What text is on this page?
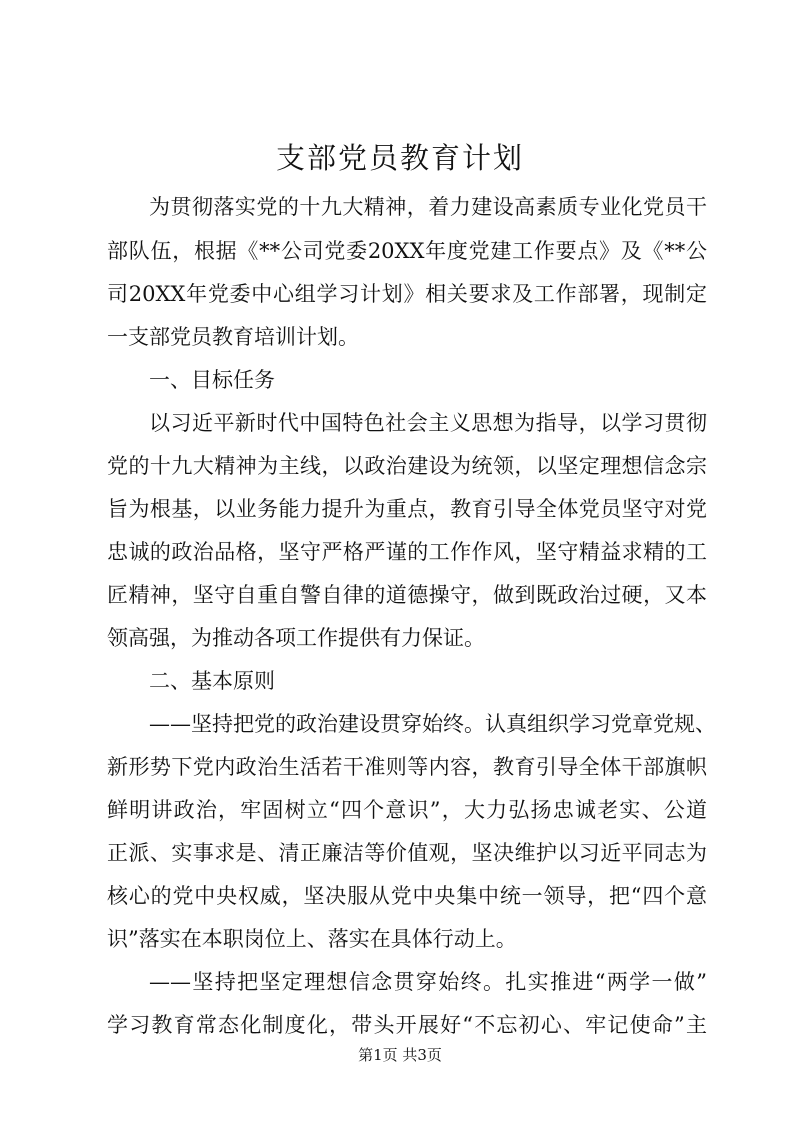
支部党员教育计划
为贯彻落实党的十九大精神，着力建设高素质专业化党员干
部队伍，根据《**公司党委20XX年度党建工作要点》及《**公
司20XX年党委中心组学习计划》相关要求及工作部署，现制定
一支部党员教育培训计划。
一、目标任务
以习近平新时代中国特色社会主义思想为指导，以学习贯彻
党的十九大精神为主线，以政治建设为统领，以坚定理想信念宗
旨为根基，以业务能力提升为重点，教育引导全体党员坚守对党
忠诚的政治品格，坚守严格严谨的工作作风，坚守精益求精的工
匠精神，坚守自重自警自律的道德操守，做到既政治过硬，又本
领高强，为推动各项工作提供有力保证。
二、基本原则
——坚持把党的政治建设贯穿始终。认真组织学习党章党规、
新形势下党内政治生活若干准则等内容，教育引导全体干部旗帜
鲜明讲政治，牢固树立“四个意识”，大力弘扬忠诚老实、公道
正派、实事求是、清正廉洁等价值观，坚决维护以习近平同志为
核心的党中央权威，坚决服从党中央集中统一领导，把“四个意
识”落实在本职岗位上、落实在具体行动上。
——坚持把坚定理想信念贯穿始终。扎实推进“两学一做”
学习教育常态化制度化，带头开展好“不忘初心、牢记使命”主
第1页 共3页
